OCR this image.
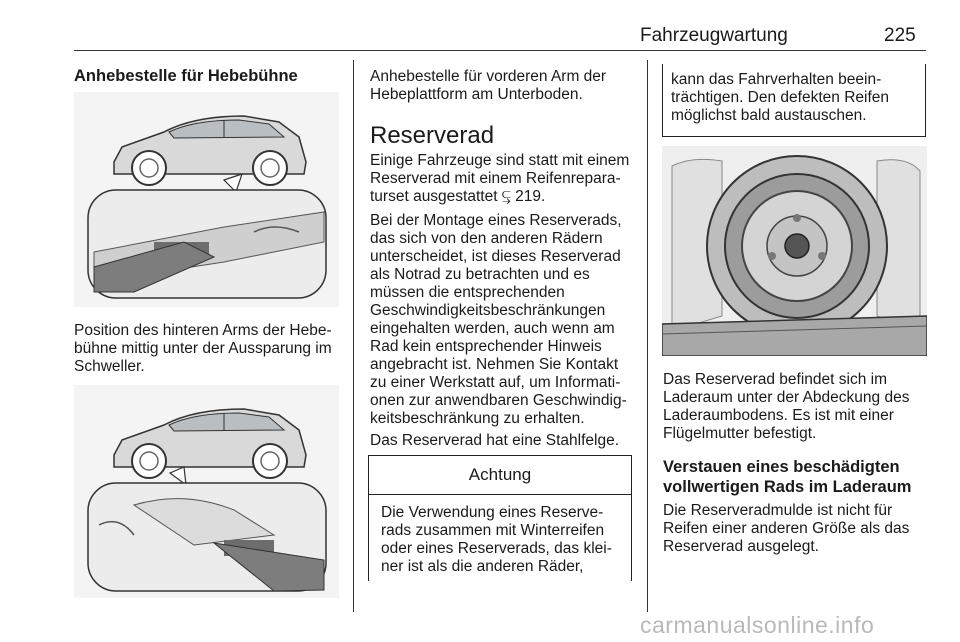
Fahrzeugwartung	225
Anhebestelle für Hebebühne
Position des hinteren Arms der Hebe-
bühne mittig unter der Aussparung im
Schweller.
Anhebestelle für vorderen Arm der
Hebeplattform am Unterboden.
Reserverad
Einige Fahrzeuge sind statt mit einem
Reserverad mit einem Reifenrepara-
turset ausgestattet ⥹ 219.
Bei der Montage eines Reserverads,
das sich von den anderen Rädern
unterscheidet, ist dieses Reserverad
als Notrad zu betrachten und es
müssen die entsprechenden
Geschwindigkeitsbeschränkungen
eingehalten werden, auch wenn am
Rad kein entsprechender Hinweis
angebracht ist. Nehmen Sie Kontakt
zu einer Werkstatt auf, um Informati-
onen zur anwendbaren Geschwindig-
keitsbeschränkung zu erhalten.
Das Reserverad hat eine Stahlfelge.
Achtung
Die Verwendung eines Reserve-
rads zusammen mit Winterreifen
oder eines Reserverads, das klei-
ner ist als die anderen Räder,
kann das Fahrverhalten beein-
trächtigen. Den defekten Reifen
möglichst bald austauschen.
Das Reserverad befindet sich im
Laderaum unter der Abdeckung des
Laderaumbodens. Es ist mit einer
Flügelmutter befestigt.
Verstauen eines beschädigten
vollwertigen Rads im Laderaum
Die Reserveradmulde ist nicht für
Reifen einer anderen Größe als das
Reserverad ausgelegt.
carmanualsonline.info
